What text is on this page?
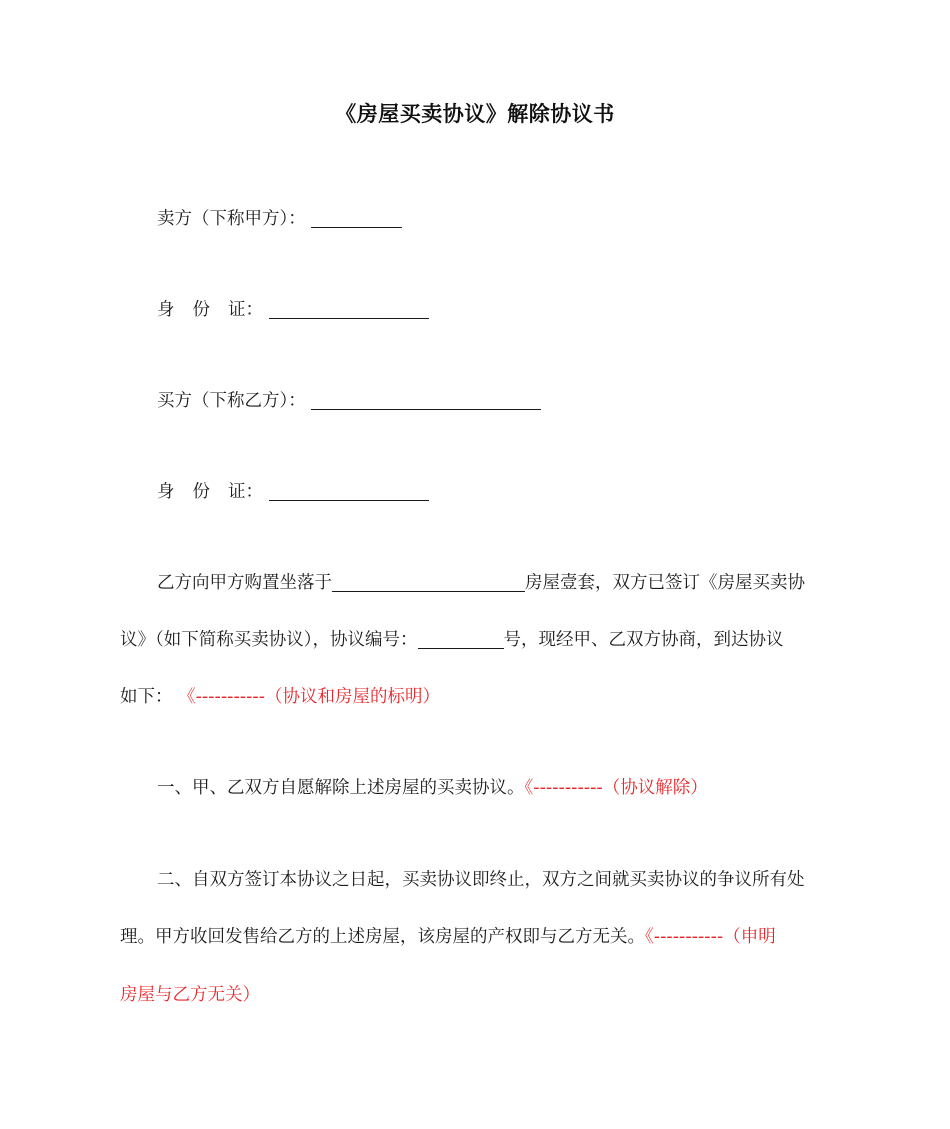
《房屋买卖协议》解除协议书
卖方（下称甲方）：
身 份 证：
买方（下称乙方）：
身 份 证：
乙方向甲方购置坐落于	房屋壹套，双方已签订《房屋买卖协
议》（如下简称买卖协议），协议编号：	号，现经甲、乙双方协商，到达协议
如下： 《-----------（协议和房屋的标明）
一、甲、乙双方自愿解除上述房屋的买卖协议。《-----------（协议解除）
二、自双方签订本协议之日起，买卖协议即终止，双方之间就买卖协议的争议所有处
理。甲方收回发售给乙方的上述房屋，该房屋的产权即与乙方无关。《-----------（申明
房屋与乙方无关）
